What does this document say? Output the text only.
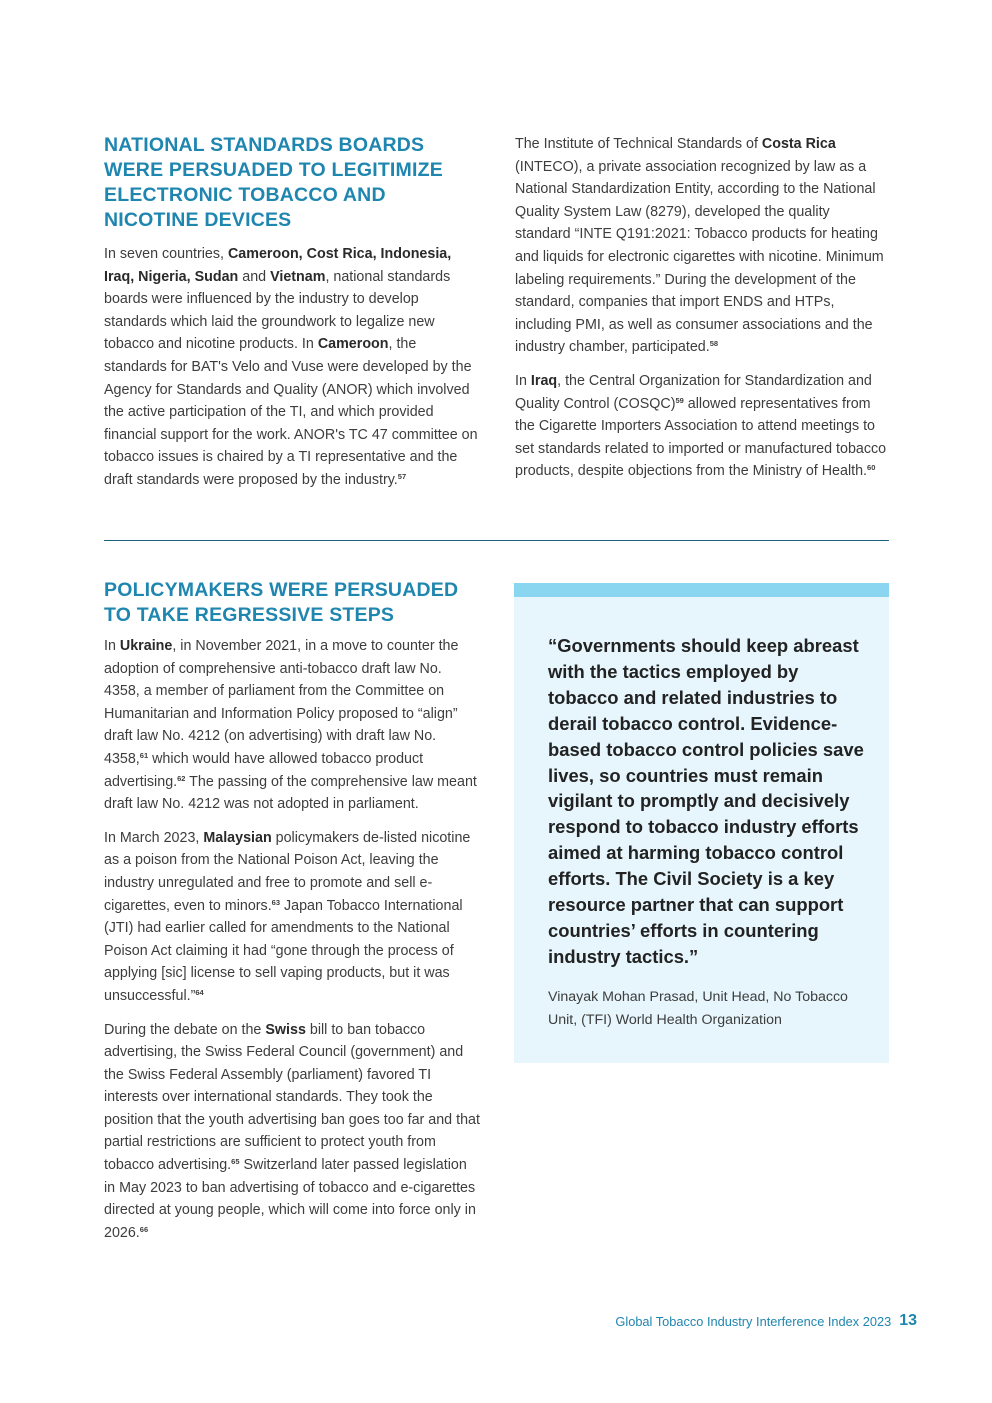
NATIONAL STANDARDS BOARDS WERE PERSUADED TO LEGITIMIZE ELECTRONIC TOBACCO AND NICOTINE DEVICES

In seven countries, Cameroon, Cost Rica, Indonesia, Iraq, Nigeria, Sudan and Vietnam, national standards boards were influenced by the industry to develop standards which laid the groundwork to legalize new tobacco and nicotine products. In Cameroon, the standards for BAT's Velo and Vuse were developed by the Agency for Standards and Quality (ANOR) which involved the active participation of the TI, and which provided financial support for the work. ANOR's TC 47 committee on tobacco issues is chaired by a TI representative and the draft standards were proposed by the industry.$^{57}$

The Institute of Technical Standards of Costa Rica (INTECO), a private association recognized by law as a National Standardization Entity, according to the National Quality System Law (8279), developed the quality standard “INTE Q191:2021: Tobacco products for heating and liquids for electronic cigarettes with nicotine. Minimum labeling requirements.” During the development of the standard, companies that import ENDS and HTPs, including PMI, as well as consumer associations and the industry chamber, participated.$^{58}$

In Iraq, the Central Organization for Standardization and Quality Control (COSQC)$^{59}$ allowed representatives from the Cigarette Importers Association to attend meetings to set standards related to imported or manufactured tobacco products, despite objections from the Ministry of Health.$^{60}$

POLICYMAKERS WERE PERSUADED TO TAKE REGRESSIVE STEPS

In Ukraine, in November 2021, in a move to counter the adoption of comprehensive anti-tobacco draft law No. 4358, a member of parliament from the Committee on Humanitarian and Information Policy proposed to “align” draft law No. 4212 (on advertising) with draft law No. 4358,61 which would have allowed tobacco product advertising.$^{62}$ The passing of the comprehensive law meant draft law No. 4212 was not adopted in parliament.

In March 2023, Malaysian policymakers de-listed nicotine as a poison from the National Poison Act, leaving the industry unregulated and free to promote and sell e-cigarettes, even to minors.$^{63}$ Japan Tobacco International (JTI) had earlier called for amendments to the National Poison Act claiming it had “gone through the process of applying [sic] license to sell vaping products, but it was unsuccessful.”$^{64}$

During the debate on the Swiss bill to ban tobacco advertising, the Swiss Federal Council (government) and the Swiss Federal Assembly (parliament) favored TI interests over international standards. They took the position that the youth advertising ban goes too far and that partial restrictions are sufficient to protect youth from tobacco advertising.$^{65}$ Switzerland later passed legislation in May 2023 to ban advertising of tobacco and e-cigarettes directed at young people, which will come into force only in 2026.66

“Governments should keep abreast with the tactics employed by tobacco and related industries to derail tobacco control. Evidence-based tobacco control policies save lives, so countries must remain vigilant to promptly and decisively respond to tobacco industry efforts aimed at harming tobacco control efforts. The Civil Society is a key resource partner that can support countries’ efforts in countering industry tactics.”
Vinayak Mohan Prasad, Unit Head, No Tobacco Unit, (TFI) World Health Organization
Global Tobacco Industry Interference Index 2023 13
